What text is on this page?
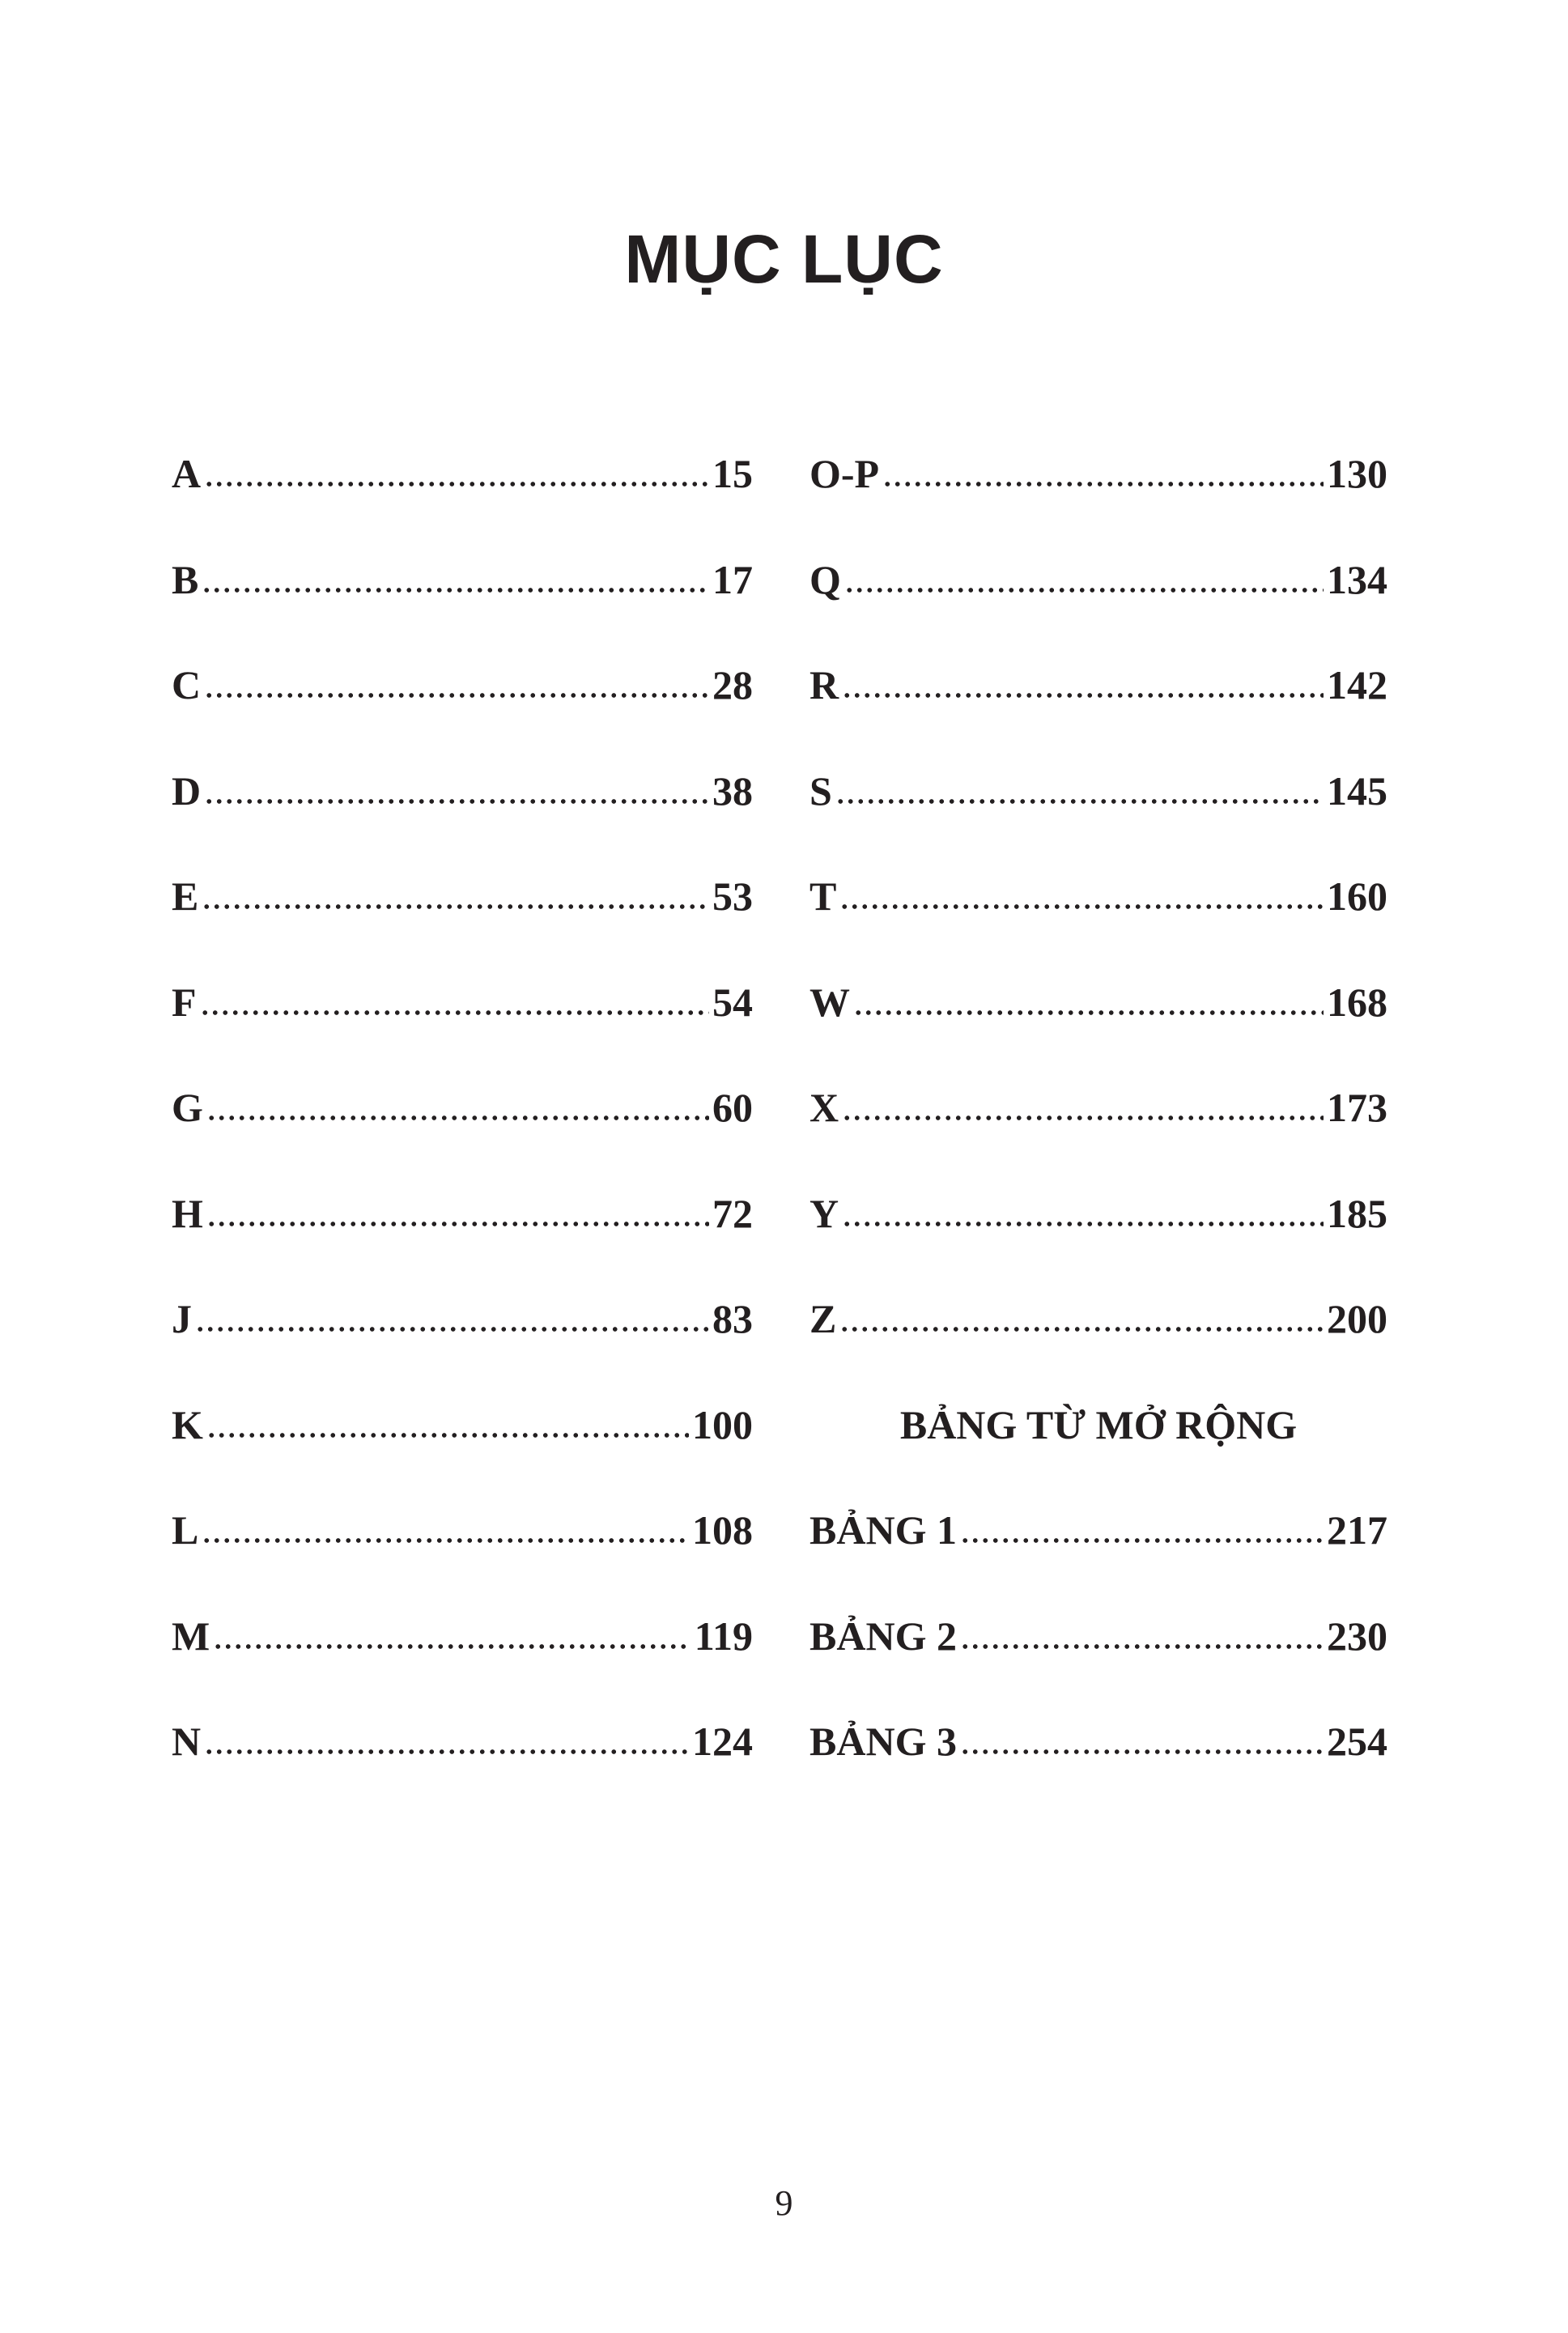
MỤC LỤC
A	15
B	17
C	28
D	38
E	53
F	54
G	60
H	72
J	83
K	100
L	108
M	119
N	124
O-P	130
Q	134
R	142
S	145
T	160
W	168
X	173
Y	185
Z	200
BẢNG TỪ MỞ RỘNG
BẢNG 1	217
BẢNG 2	230
BẢNG 3	254

9
